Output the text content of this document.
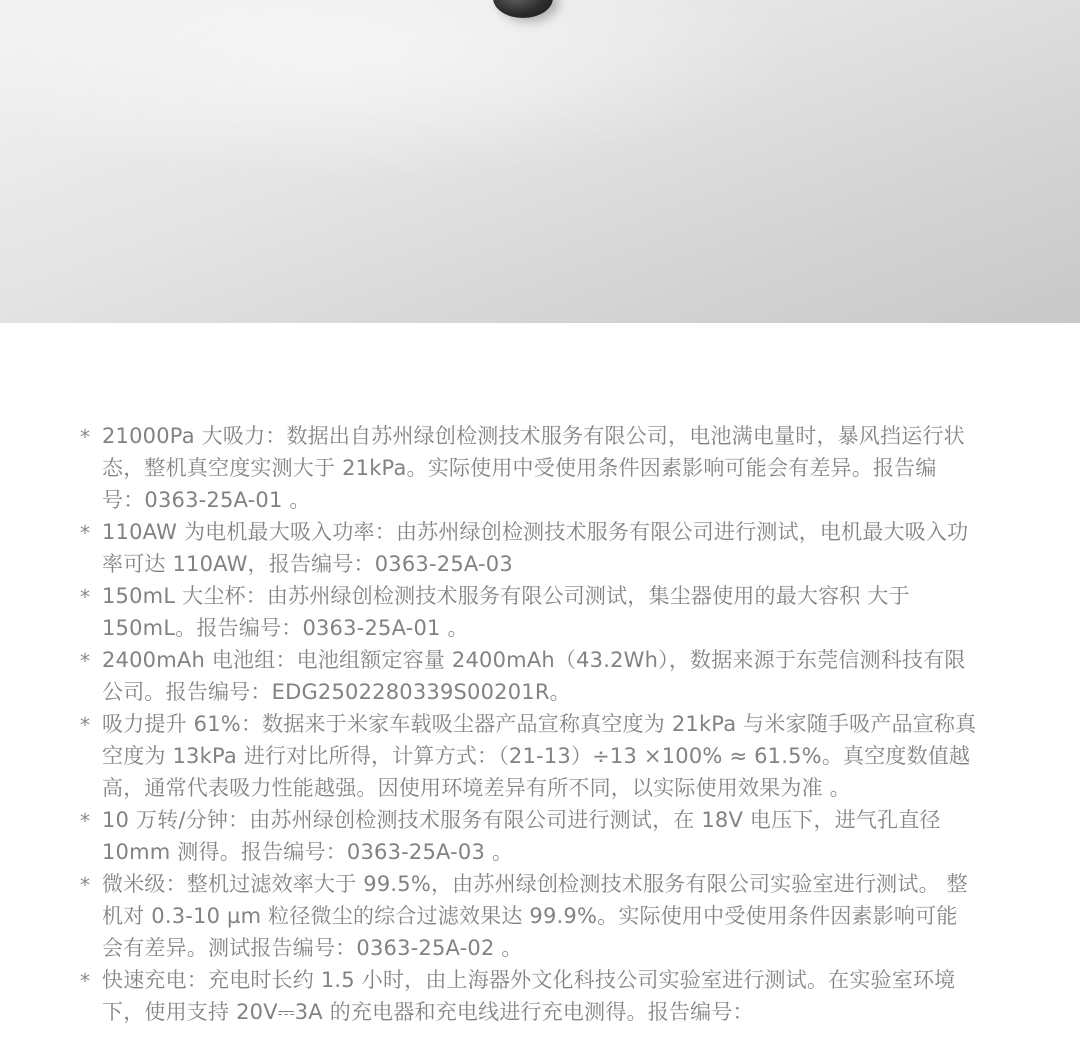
* 21000Pa 大吸力：数据出自苏州绿创检测技术服务有限公司，电池满电量时，暴风挡运行状态，整机真空度实测大于 21kPa。实际使用中受使用条件因素影响可能会有差异。报告编号：0363-25A-01 。
* 110AW 为电机最大吸入功率：由苏州绿创检测技术服务有限公司进行测试，电机最大吸入功率可达 110AW，报告编号：0363-25A-03
* 150mL 大尘杯：由苏州绿创检测技术服务有限公司测试，集尘器使用的最大容积 大于 150mL。报告编号：0363-25A-01 。
* 2400mAh 电池组：电池组额定容量 2400mAh（43.2Wh），数据来源于东莞信测科技有限公司。报告编号：EDG2502280339S00201R。
* 吸力提升 61%：数据来于米家车载吸尘器产品宣称真空度为 21kPa 与米家随手吸产品宣称真空度为 13kPa 进行对比所得，计算方式：（21-13）÷13 ×100% ≈ 61.5%。真空度数值越高，通常代表吸力性能越强。因使用环境差异有所不同，以实际使用效果为准 。
* 10 万转/分钟：由苏州绿创检测技术服务有限公司进行测试，在 18V 电压下，进气孔直径 10mm 测得。报告编号：0363-25A-03 。
* 微米级：整机过滤效率大于 99.5%，由苏州绿创检测技术服务有限公司实验室进行测试。 整机对 0.3-10 µm 粒径微尘的综合过滤效果达 99.9%。实际使用中受使用条件因素影响可能会有差异。测试报告编号：0363-25A-02 。
* 快速充电：充电时长约 1.5 小时，由上海器外文化科技公司实验室进行测试。在实验室环境下，使用支持 20V⎓3A 的充电器和充电线进行充电测得。报告编号：
